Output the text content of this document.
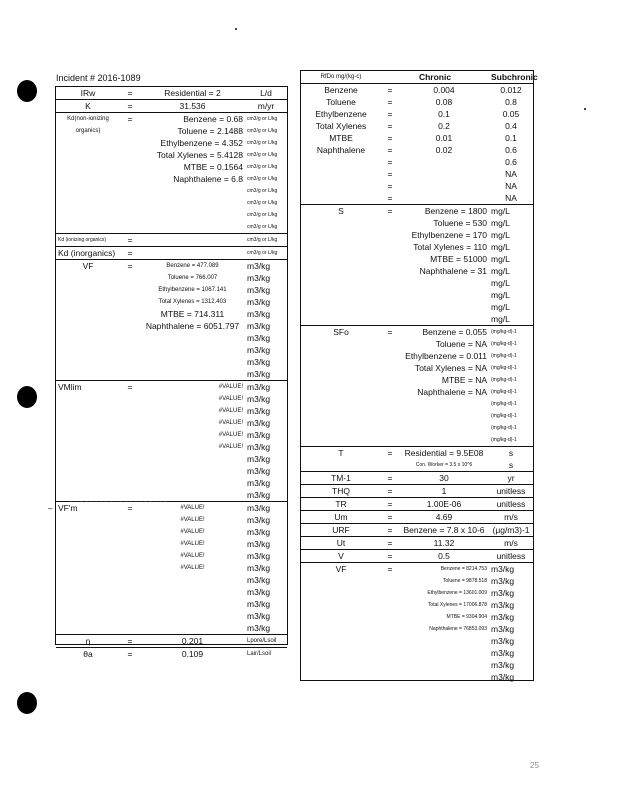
Incident # 2016-1089
IRw	=	Residential = 2	L/d
K	=	31.536	m/yr
Kd(non-ionizing	=	Benzene = 0.68	cm3/g or L/kg
organics)		Toluene = 2.1488	cm3/g or L/kg
		Ethylbenzene = 4.352	cm3/g or L/kg
		Total Xylenes = 5.4128	cm3/g or L/kg
		MTBE = 0.1564	cm3/g or L/kg
		Naphthalene = 6.8	cm3/g or L/kg
			cm3/g or L/kg
			cm3/g or L/kg
			cm3/g or L/kg
			cm3/g or L/kg
Kd (ionizing organics)	=		cm3/g or L/kg
Kd (inorganics)	=		cm3/g or L/kg
VF	=	Benzene = 477.089	m3/kg
		Toluene = 766.007	m3/kg
		Ethylbenzene = 1067.141	m3/kg
		Total Xylenes = 1312.403	m3/kg
		MTBE = 714.311	m3/kg
		Naphthalene = 6051.797	m3/kg
			m3/kg
			m3/kg
			m3/kg
			m3/kg
VMlim	=	#VALUE!	m3/kg
		#VALUE!	m3/kg
		#VALUE!	m3/kg
		#VALUE!	m3/kg
		#VALUE!	m3/kg
		#VALUE!	m3/kg
			m3/kg
			m3/kg
			m3/kg
			m3/kg
VF'm	=	#VALUE!	m3/kg
		#VALUE!	m3/kg
		#VALUE!	m3/kg
		#VALUE!	m3/kg
		#VALUE!	m3/kg
		#VALUE!	m3/kg
			m3/kg
			m3/kg
			m3/kg
			m3/kg
			m3/kg
η	=	0.201	Lpore/Lsoil
θa	=	0.109	Lair/Lsoil
RfDo mg/(kg-c)	Chronic		Subchronic
Benzene	=	0.004	0.012
Toluene	=	0.08	0.8
Ethylbenzene	=	0.1	0.05
Total Xylenes	=	0.2	0.4
MTBE	=	0.01	0.1
Naphthalene	=	0.02	0.6
	=		0.6
	=		NA
	=		NA
	=		NA
S	=	Benzene = 1800	mg/L
		Toluene = 530	mg/L
		Ethylbenzene = 170	mg/L
		Total Xylenes = 110	mg/L
		MTBE = 51000	mg/L
		Naphthalene = 31	mg/L
			mg/L
			mg/L
			mg/L
			mg/L
SFo	=	Benzene = 0.055	(mg/kg-d)-1
		Toluene = NA	(mg/kg-d)-1
		Ethylbenzene = 0.011	(mg/kg-d)-1
		Total Xylenes = NA	(mg/kg-d)-1
		MTBE = NA	(mg/kg-d)-1
		Naphthalene = NA	(mg/kg-d)-1
			(mg/kg-d)-1
			(mg/kg-d)-1
			(mg/kg-d)-1
			(mg/kg-d)-1
T	=	Residential = 9.5E08	s
		Con. Worker = 3.5 x 10^6	s
TM-1	=	30	yr
THQ	=	1	unitless
TR	=	1.00E-06	unitless
Um	=	4.69	m/s
URF	=	Benzene = 7.8 x 10-6	(μg/m3)-1
Ut	=	11.32	m/s
V	=	0.5	unitless
VF	=	Benzene = 8214.753	m3/kg
		Toluene = 9878.518	m3/kg
		Ethylbenzene = 13601.009	m3/kg
		Total Xylenes = 17006.878	m3/kg
		MTBE = 9304.904	m3/kg
		Naphthalene = 76853.093	m3/kg
			m3/kg
			m3/kg
			m3/kg
			m3/kg
–
25
